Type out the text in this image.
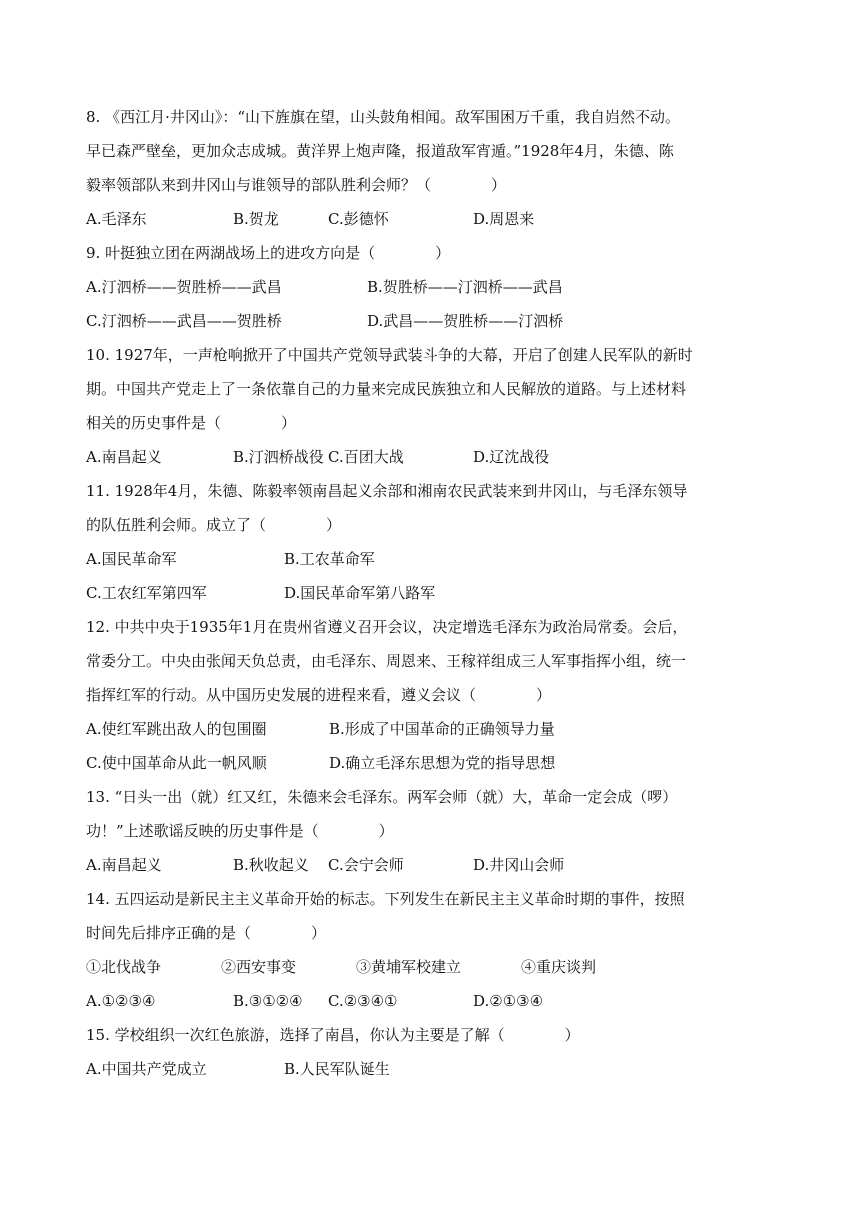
8. 《西江月·井冈山》：“山下旌旗在望，山头鼓角相闻。敌军围困万千重，我自岿然不动。
早已森严壁垒，更加众志成城。黄洋界上炮声隆，报道敌军宵遁。”1928年4月，朱德、陈
毅率领部队来到井冈山与谁领导的部队胜利会师？（　　　　）
A.毛泽东	B.贺龙	C.彭德怀	D.周恩来
9. 叶挺独立团在两湖战场上的进攻方向是（　　　　）
A.汀泗桥——贺胜桥——武昌	B.贺胜桥——汀泗桥——武昌
C.汀泗桥——武昌——贺胜桥	D.武昌——贺胜桥——汀泗桥
10. 1927年，一声枪响掀开了中国共产党领导武装斗争的大幕，开启了创建人民军队的新时
期。中国共产党走上了一条依靠自己的力量来完成民族独立和人民解放的道路。与上述材料
相关的历史事件是（　　　　）
A.南昌起义	B.汀泗桥战役 C.百团大战	D.辽沈战役
11. 1928年4月，朱德、陈毅率领南昌起义余部和湘南农民武装来到井冈山，与毛泽东领导
的队伍胜利会师。成立了（　　　　）
A.国民革命军	B.工农革命军
C.工农红军第四军	D.国民革命军第八路军
12. 中共中央于1935年1月在贵州省遵义召开会议，决定增选毛泽东为政治局常委。会后，
常委分工。中央由张闻天负总责，由毛泽东、周恩来、王稼祥组成三人军事指挥小组，统一
指挥红军的行动。从中国历史发展的进程来看，遵义会议（　　　　）
A.使红军跳出敌人的包围圈	B.形成了中国革命的正确领导力量
C.使中国革命从此一帆风顺	D.确立毛泽东思想为党的指导思想
13. “日头一出（就）红又红，朱德来会毛泽东。两军会师（就）大，革命一定会成（啰）
功！”上述歌谣反映的历史事件是（　　　　）
A.南昌起义	B.秋收起义 C.会宁会师	D.井冈山会师
14. 五四运动是新民主主义革命开始的标志。下列发生在新民主主义革命时期的事件，按照
时间先后排序正确的是（　　　　）
①北伐战争　　　　②西安事变　　　　③黄埔军校建立　　　　④重庆谈判
A.①②③④	B.③①②④ C.②③④①	D.②①③④
15. 学校组织一次红色旅游，选择了南昌，你认为主要是了解（　　　　）
A.中国共产党成立	B.人民军队诞生
